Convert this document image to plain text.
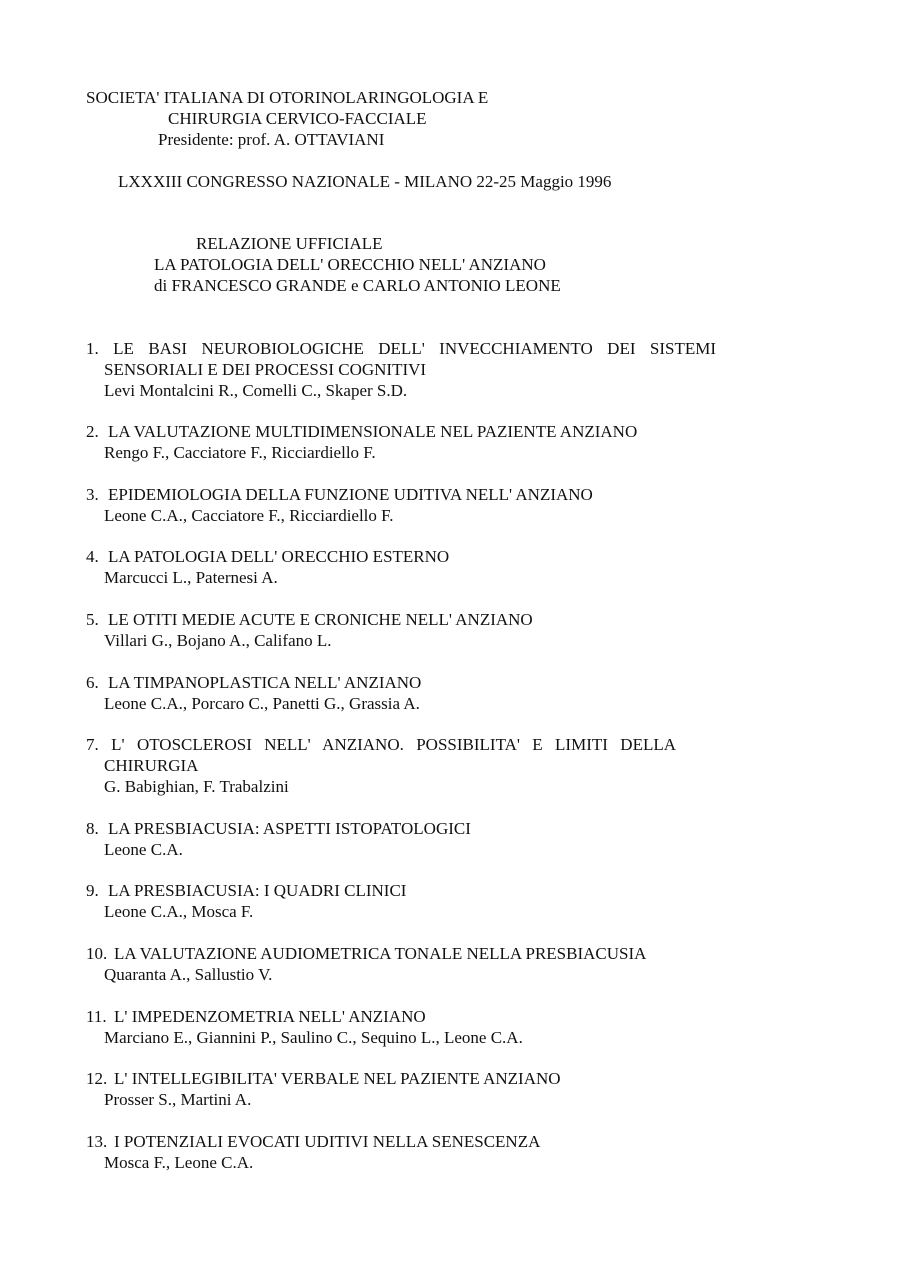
SOCIETA' ITALIANA DI OTORINOLARINGOLOGIA E
CHIRURGIA CERVICO-FACCIALE
Presidente: prof. A. OTTAVIANI
LXXXIII CONGRESSO NAZIONALE - MILANO 22-25 Maggio 1996
RELAZIONE UFFICIALE
LA PATOLOGIA DELL' ORECCHIO NELL' ANZIANO
di FRANCESCO GRANDE e CARLO ANTONIO LEONE
1. LE BASI NEUROBIOLOGICHE DELL' INVECCHIAMENTO DEI SISTEMI
SENSORIALI E DEI PROCESSI COGNITIVI
Levi Montalcini R., Comelli C., Skaper S.D.
2. LA VALUTAZIONE MULTIDIMENSIONALE NEL PAZIENTE ANZIANO
Rengo F., Cacciatore F., Ricciardiello F.
3. EPIDEMIOLOGIA DELLA FUNZIONE UDITIVA NELL' ANZIANO
Leone C.A., Cacciatore F., Ricciardiello F.
4. LA PATOLOGIA DELL' ORECCHIO ESTERNO
Marcucci L., Paternesi A.
5. LE OTITI MEDIE ACUTE E CRONICHE NELL' ANZIANO
Villari G., Bojano A., Califano L.
6. LA TIMPANOPLASTICA NELL' ANZIANO
Leone C.A., Porcaro C., Panetti G., Grassia A.
7. L' OTOSCLEROSI NELL' ANZIANO. POSSIBILITA' E LIMITI DELLA
CHIRURGIA
G. Babighian, F. Trabalzini
8. LA PRESBIACUSIA: ASPETTI ISTOPATOLOGICI
Leone C.A.
9. LA PRESBIACUSIA: I QUADRI CLINICI
Leone C.A., Mosca F.
10. LA VALUTAZIONE AUDIOMETRICA TONALE NELLA PRESBIACUSIA
Quaranta A., Sallustio V.
11. L' IMPEDENZOMETRIA NELL' ANZIANO
Marciano E., Giannini P., Saulino C., Sequino L., Leone C.A.
12. L' INTELLEGIBILITA' VERBALE NEL PAZIENTE ANZIANO
Prosser S., Martini A.
13. I POTENZIALI EVOCATI UDITIVI NELLA SENESCENZA
Mosca F., Leone C.A.
